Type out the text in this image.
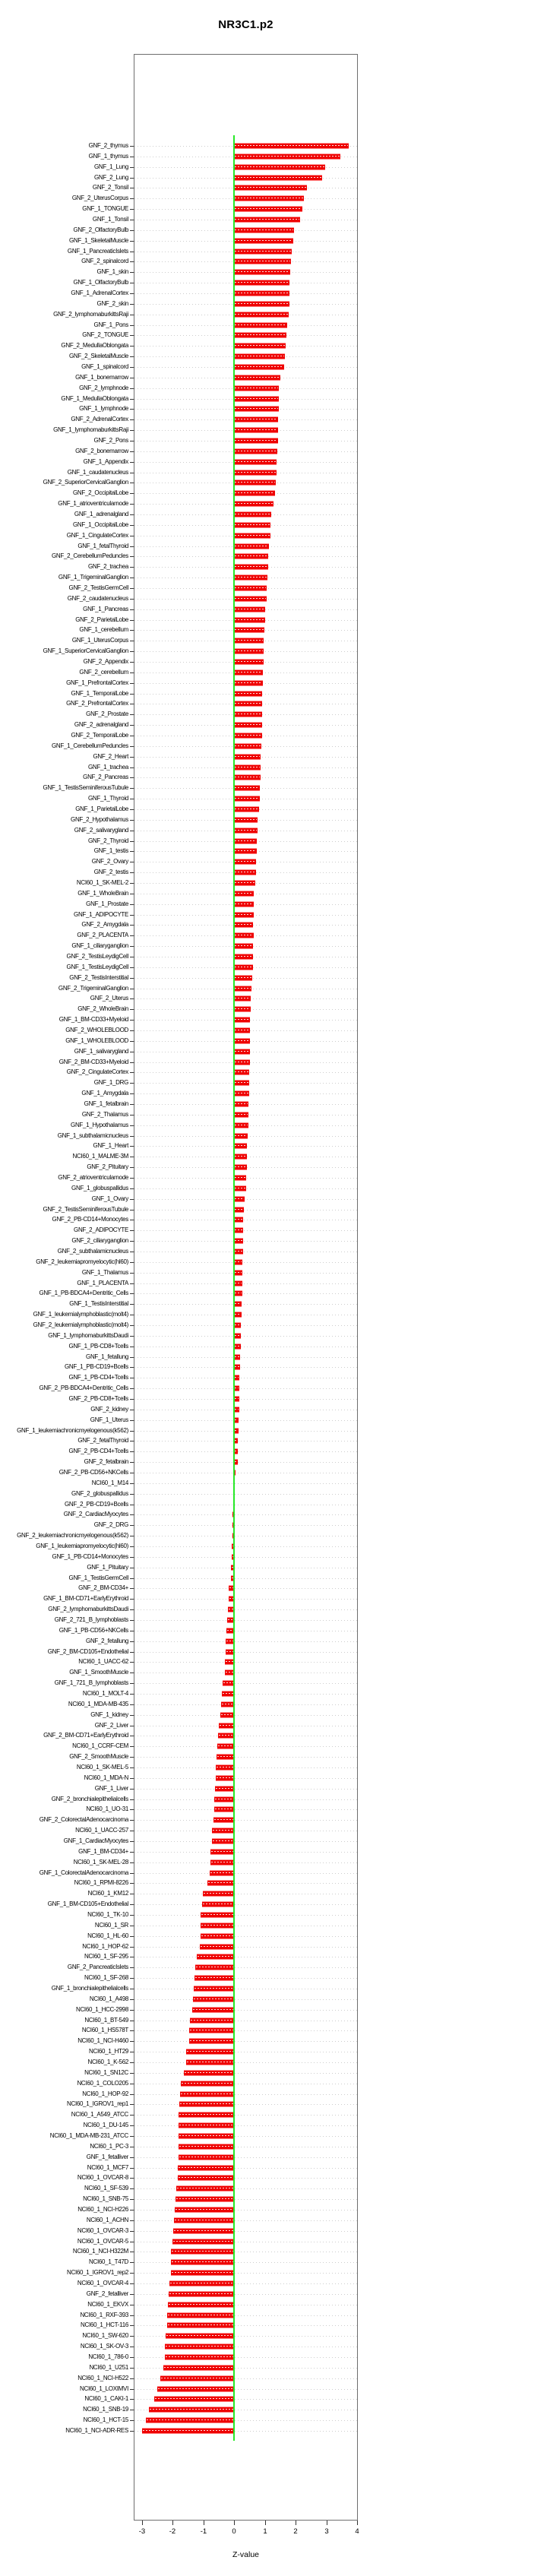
NR3C1.p2
GNF_2_thymus
GNF_1_thymus
GNF_1_Lung
GNF_2_Lung
GNF_2_Tonsil
GNF_2_UterusCorpus
GNF_1_TONGUE
GNF_1_Tonsil
GNF_2_OlfactoryBulb
GNF_1_SkeletalMuscle
GNF_1_PancreaticIslets
GNF_2_spinalcord
GNF_1_skin
GNF_1_OlfactoryBulb
GNF_1_AdrenalCortex
GNF_2_skin
GNF_2_lymphomaburkittsRaji
GNF_1_Pons
GNF_2_TONGUE
GNF_2_MedullaOblongata
GNF_2_SkeletalMuscle
GNF_1_spinalcord
GNF_1_bonemarrow
GNF_2_lymphnode
GNF_1_MedullaOblongata
GNF_1_lymphnode
GNF_2_AdrenalCortex
GNF_1_lymphomaburkittsRaji
GNF_2_Pons
GNF_2_bonemarrow
GNF_1_Appendix
GNF_1_caudatenucleus
GNF_2_SuperiorCervicalGanglion
GNF_2_OccipitalLobe
GNF_1_atrioventricularnode
GNF_1_adrenalgland
GNF_1_OccipitalLobe
GNF_1_CingulateCortex
GNF_1_fetalThyroid
GNF_2_CerebellumPeduncles
GNF_2_trachea
GNF_1_TrigeminalGanglion
GNF_2_TestisGermCell
GNF_2_caudatenucleus
GNF_1_Pancreas
GNF_2_ParietalLobe
GNF_1_cerebellum
GNF_1_UterusCorpus
GNF_1_SuperiorCervicalGanglion
GNF_2_Appendix
GNF_2_cerebellum
GNF_1_PrefrontalCortex
GNF_1_TemporalLobe
GNF_2_PrefrontalCortex
GNF_2_Prostate
GNF_2_adrenalgland
GNF_2_TemporalLobe
GNF_1_CerebellumPeduncles
GNF_2_Heart
GNF_1_trachea
GNF_2_Pancreas
GNF_1_TestisSeminiferousTubule
GNF_1_Thyroid
GNF_1_ParietalLobe
GNF_2_Hypothalamus
GNF_2_salivarygland
GNF_2_Thyroid
GNF_1_testis
GNF_2_Ovary
GNF_2_testis
NCI60_1_SK-MEL-2
GNF_1_WholeBrain
GNF_1_Prostate
GNF_1_ADIPOCYTE
GNF_2_Amygdala
GNF_2_PLACENTA
GNF_1_ciliaryganglion
GNF_2_TestisLeydigCell
GNF_1_TestisLeydigCell
GNF_2_TestisInterstitial
GNF_2_TrigeminalGanglion
GNF_2_Uterus
GNF_2_WholeBrain
GNF_1_BM-CD33+Myeloid
GNF_2_WHOLEBLOOD
GNF_1_WHOLEBLOOD
GNF_1_salivarygland
GNF_2_BM-CD33+Myeloid
GNF_2_CingulateCortex
GNF_1_DRG
GNF_1_Amygdala
GNF_1_fetalbrain
GNF_2_Thalamus
GNF_1_Hypothalamus
GNF_1_subthalamicnucleus
GNF_1_Heart
NCI60_1_MALME-3M
GNF_2_Pituitary
GNF_2_atrioventricularnode
GNF_1_globuspallidus
GNF_1_Ovary
GNF_2_TestisSeminiferousTubule
GNF_2_PB-CD14+Monocytes
GNF_2_ADIPOCYTE
GNF_2_ciliaryganglion
GNF_2_subthalamicnucleus
GNF_2_leukemiapromyelocytic(hl60)
GNF_1_Thalamus
GNF_1_PLACENTA
GNF_1_PB-BDCA4+Dentritic_Cells
GNF_1_TestisInterstitial
GNF_1_leukemialymphoblastic(molt4)
GNF_2_leukemialymphoblastic(molt4)
GNF_1_lymphomaburkittsDaudi
GNF_1_PB-CD8+Tcells
GNF_1_fetallung
GNF_1_PB-CD19+Bcells
GNF_1_PB-CD4+Tcells
GNF_2_PB-BDCA4+Dentritic_Cells
GNF_2_PB-CD8+Tcells
GNF_2_kidney
GNF_1_Uterus
GNF_1_leukemiachronicmyelogenous(k562)
GNF_2_fetalThyroid
GNF_2_PB-CD4+Tcells
GNF_2_fetalbrain
GNF_2_PB-CD56+NKCells
NCI60_1_M14
GNF_2_globuspallidus
GNF_2_PB-CD19+Bcells
GNF_2_CardiacMyocytes
GNF_2_DRG
GNF_2_leukemiachronicmyelogenous(k562)
GNF_1_leukemiapromyelocytic(hl60)
GNF_1_PB-CD14+Monocytes
GNF_1_Pituitary
GNF_1_TestisGermCell
GNF_2_BM-CD34+
GNF_1_BM-CD71+EarlyErythroid
GNF_2_lymphomaburkittsDaudi
GNF_2_721_B_lymphoblasts
GNF_1_PB-CD56+NKCells
GNF_2_fetallung
GNF_2_BM-CD105+Endothelial
NCI60_1_UACC-62
GNF_1_SmoothMuscle
GNF_1_721_B_lymphoblasts
NCI60_1_MOLT-4
NCI60_1_MDA-MB-435
GNF_1_kidney
GNF_2_Liver
GNF_2_BM-CD71+EarlyErythroid
NCI60_1_CCRF-CEM
GNF_2_SmoothMuscle
NCI60_1_SK-MEL-5
NCI60_1_MDA-N
GNF_1_Liver
GNF_2_bronchialepithelialcells
NCI60_1_UO-31
GNF_2_ColorectalAdenocarcinoma
NCI60_1_UACC-257
GNF_1_CardiacMyocytes
GNF_1_BM-CD34+
NCI60_1_SK-MEL-28
GNF_1_ColorectalAdenocarcinoma
NCI60_1_RPMI-8226
NCI60_1_KM12
GNF_1_BM-CD105+Endothelial
NCI60_1_TK-10
NCI60_1_SR
NCI60_1_HL-60
NCI60_1_HOP-62
NCI60_1_SF-295
GNF_2_PancreaticIslets
NCI60_1_SF-268
GNF_1_bronchialepithelialcells
NCI60_1_A498
NCI60_1_HCC-2998
NCI60_1_BT-549
NCI60_1_HS578T
NCI60_1_NCI-H460
NCI60_1_HT29
NCI60_1_K-562
NCI60_1_SN12C
NCI60_1_COLO205
NCI60_1_HOP-92
NCI60_1_IGROV1_rep1
NCI60_1_A549_ATCC
NCI60_1_DU-145
NCI60_1_MDA-MB-231_ATCC
NCI60_1_PC-3
GNF_1_fetalliver
NCI60_1_MCF7
NCI60_1_OVCAR-8
NCI60_1_SF-539
NCI60_1_SNB-75
NCI60_1_NCI-H226
NCI60_1_ACHN
NCI60_1_OVCAR-3
NCI60_1_OVCAR-5
NCI60_1_NCI-H322M
NCI60_1_T47D
NCI60_1_IGROV1_rep2
NCI60_1_OVCAR-4
GNF_2_fetalliver
NCI60_1_EKVX
NCI60_1_RXF-393
NCI60_1_HCT-116
NCI60_1_SW-620
NCI60_1_SK-OV-3
NCI60_1_786-0
NCI60_1_U251
NCI60_1_NCI-H522
NCI60_1_LOXIMVI
NCI60_1_CAKI-1
NCI60_1_SNB-19
NCI60_1_HCT-15
NCI60_1_NCI-ADR-RES
-3	-2	-1	0	1	2	3	4
Z-value
